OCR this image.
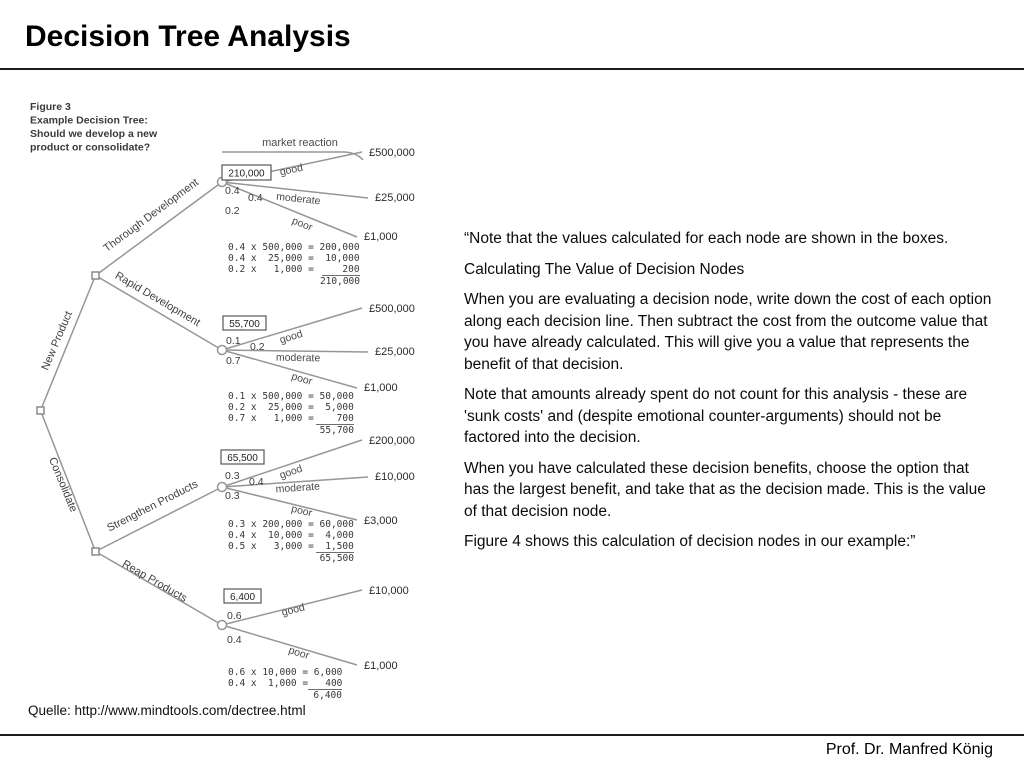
Decision Tree Analysis
Figure 3
Example Decision Tree:
Should we develop a new
product or consolidate?	market reaction
New Product
Consolidate
210,000
Thorough Development 0.4
0.4
0.2
good
moderate
poor
£500,000
£25,000
£1,000
0.4 x 500,000 = 200,000
0.4 x  25,000 =  10,000
0.2 x   1,000 =     200
210,000
55,700
Rapid Development
0.1 0.2
0.7
good
moderate
poor
£500,000
£25,000
£1,000
0.1 x 500,000 = 50,000
0.2 x  25,000 =  5,000
0.7 x   1,000 =    700
55,700
65,500
Strengthen Products
0.3 0.4
0.3
good
moderate
poor
£200,000
£10,000
£3,000
0.3 x 200,000 = 60,000
0.4 x  10,000 =  4,000
0.5 x   3,000 =  1,500
65,500
6,400
Reap Products
0.6
0.4
good
poor
£10,000
£1,000
0.6 x 10,000 = 6,000
0.4 x  1,000 =   400
6,400

“Note that the values calculated for each node are shown in the boxes.

Calculating The Value of Decision Nodes

When you are evaluating a decision node, write down the cost of each option along each decision line. Then subtract the cost from the outcome value that you have already calculated. This will give you a value that represents the benefit of that decision.

Note that amounts already spent do not count for this analysis - these are 'sunk costs' and (despite emotional counter-arguments) should not be factored into the decision.

When you have calculated these decision benefits, choose the option that has the largest benefit, and take that as the decision made. This is the value of that decision node.

Figure 4 shows this calculation of decision nodes in our example:”

Quelle: http://www.mindtools.com/dectree.html
Prof. Dr. Manfred König
